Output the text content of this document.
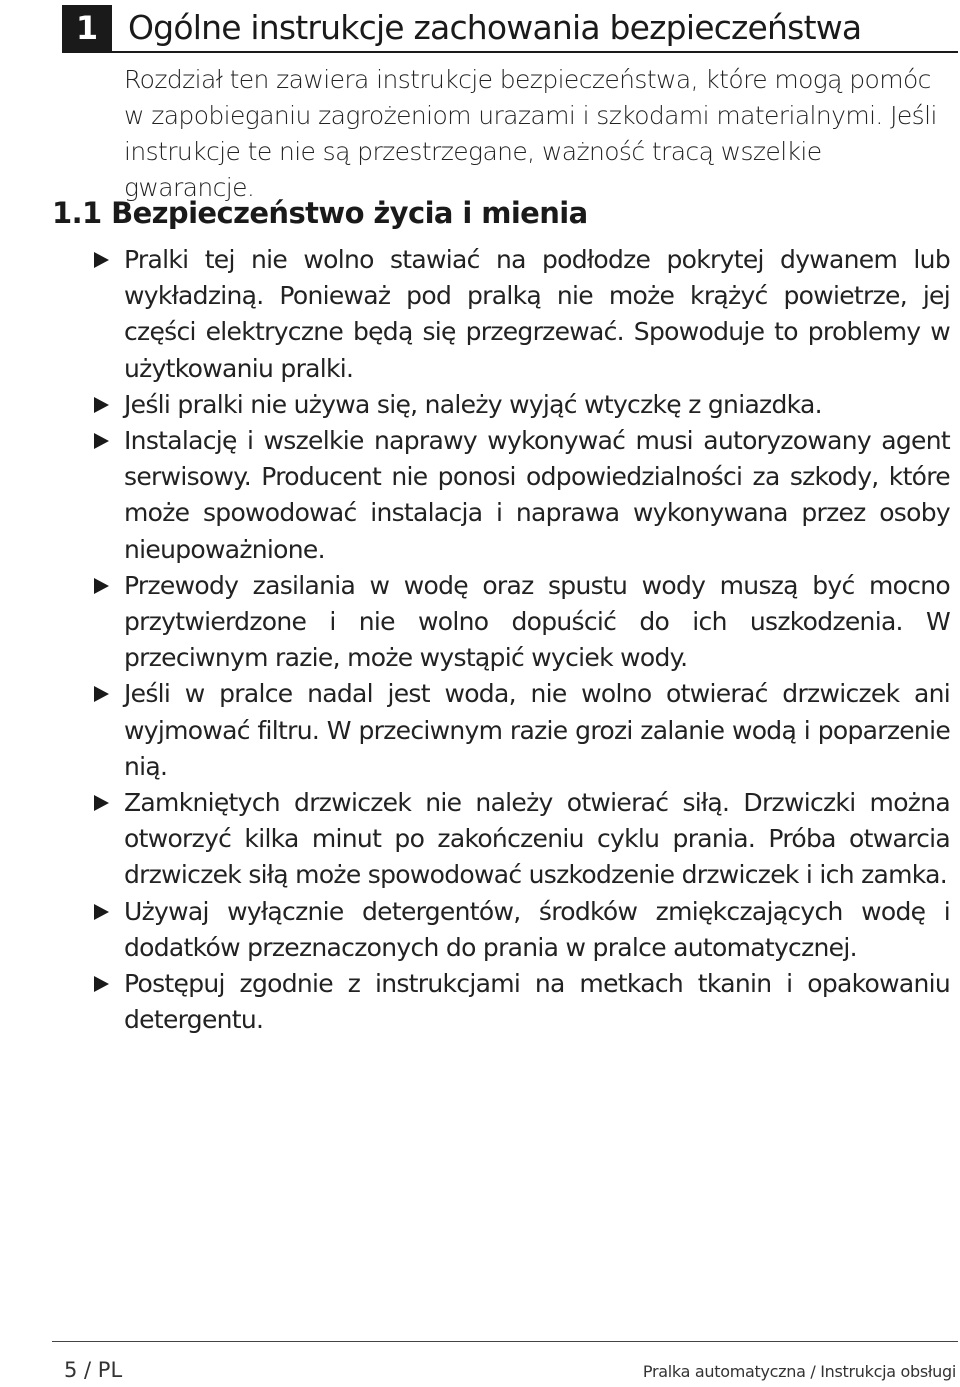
1 Ogólne instrukcje zachowania bezpieczeństwa

Rozdział ten zawiera instrukcje bezpieczeństwa, które mogą pomóc w zapobieganiu zagrożeniom urazami i szkodami materialnymi. Jeśli instrukcje te nie są przestrzegane, ważność tracą wszelkie gwarancje.

1.1 Bezpieczeństwo życia i mienia
Pralki tej nie wolno stawiać na podłodze pokrytej dywanem lub wykładziną. Ponieważ pod pralką nie może krążyć powietrze, jej części elektryczne będą się przegrzewać. Spowoduje to problemy w użytkowaniu pralki.
Jeśli pralki nie używa się, należy wyjąć wtyczkę z gniazdka.
Instalację i wszelkie naprawy wykonywać musi autoryzowany agent serwisowy. Producent nie ponosi odpowiedzialności za szkody, które może spowodować instalacja i naprawa wykonywana przez osoby nieupoważnione.
Przewody zasilania w wodę oraz spustu wody muszą być mocno przytwierdzone i nie wolno dopuścić do ich uszkodzenia. W przeciwnym razie, może wystąpić wyciek wody.
Jeśli w pralce nadal jest woda, nie wolno otwierać drzwiczek ani wyjmować filtru. W przeciwnym razie grozi zalanie wodą i poparzenie nią.
Zamkniętych drzwiczek nie należy otwierać siłą. Drzwiczki można otworzyć kilka minut po zakończeniu cyklu prania. Próba otwarcia drzwiczek siłą może spowodować uszkodzenie drzwiczek i ich zamka.
Używaj wyłącznie detergentów, środków zmiękczających wodę i dodatków przeznaczonych do prania w pralce automatycznej.
Postępuj zgodnie z instrukcjami na metkach tkanin i opakowaniu detergentu.
5 / PL	Pralka automatyczna / Instrukcja obsługi
